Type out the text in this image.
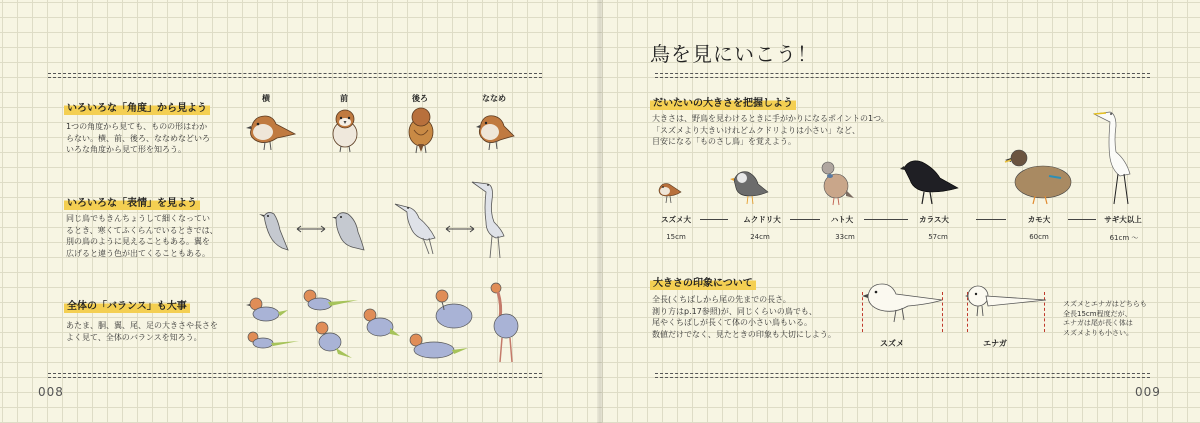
鳥を見にいこう！
008	009
いろいろな「角度」から見よう
1つの角度から見ても、ものの形はわか
らない。横、前、後ろ、ななめなどいろ
いろな角度から見て形を知ろう。
横	前	後ろ	ななめ
いろいろな「表情」を見よう
同じ鳥でもきんちょうして細くなってい
るとき、寒くてふくらんでいるときでは、
別の鳥のように見えることもある。翼を
広げると違う色が出てくることもある。
全体の「バランス」も大事
あたま、胴、翼、尾、足の大きさや長さを
よく見て、全体のバランスを知ろう。
だいたいの大きさを把握しよう
大きさは、野鳥を見わけるときに手がかりになるポイントの1つ。
「スズメより大きいけれどムクドリよりは小さい」など、
目安になる「ものさし鳥」を覚えよう。
スズメ大	ムクドリ大	ハト大	カラス大	カモ大	サギ大以上
15cm	24cm	33cm	57cm	60cm	61cm 〜
大きさの印象について
全長(くちばしから尾の先までの長さ。
測り方はp.17参照)が、同じくらいの鳥でも、
尾やくちばしが長くて体の小さい鳥もいる。
数値だけでなく、見たときの印象も大切にしよう。
スズメ	エナガ
スズメとエナガはどちらも
全長15cm程度だが、
エナガは尾が長く体は
スズメよりも小さい。
